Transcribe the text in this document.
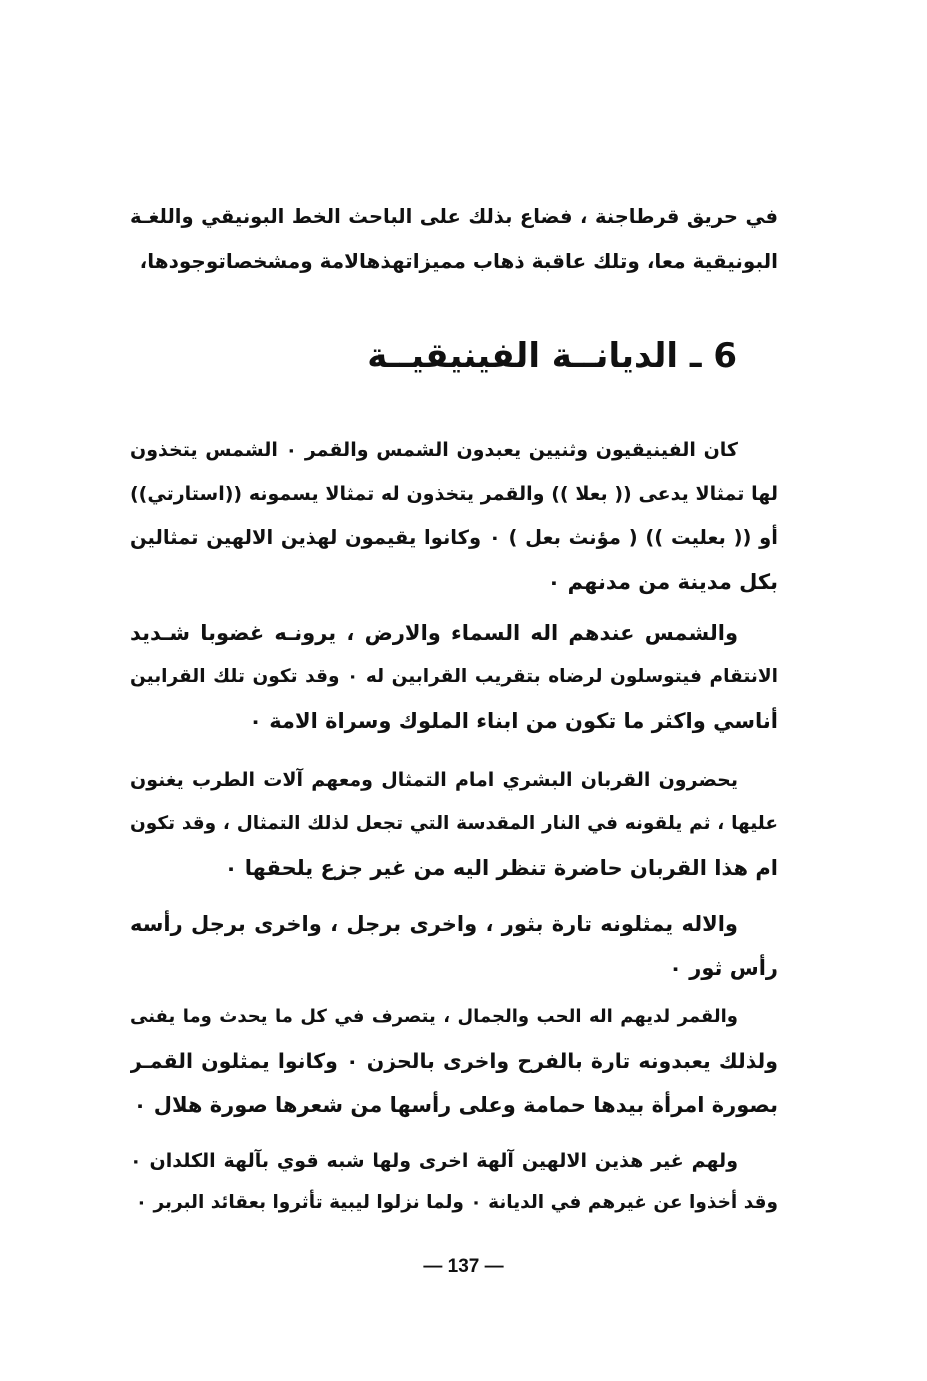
في حريق قرطاجنة ، فضاع بذلك على الباحث الخط البونيقي واللغـة
البونيقية معا، وتلك عاقبة ذهاب مميزاتهذهالامة ومشخصاتوجودها،
6 ـ الديانــة الفينيقيــة
كان الفينيقيون وثنيين يعبدون الشمس والقمر ٠ الشمس يتخذون
لها تمثالا يدعى (( بعلا )) والقمر يتخذون له تمثالا يسمونه ((استارتي))
أو (( بعليت )) ( مؤنث بعل ) ٠ وكانوا يقيمون لهذين الالهين تمثالين
بكل مدينة من مدنهم ٠
والشمس عندهم اله السماء والارض ، يرونـه غضوبا شـديد
الانتقام فيتوسلون لرضاه بتقريب القرابين له ٠ وقد تكون تلك القرابين
أناسي واكثر ما تكون من ابناء الملوك وسراة الامة ٠
يحضرون القربان البشري امام التمثال ومعهم آلات الطرب يغنون
عليها ، ثم يلقونه في النار المقدسة التي تجعل لذلك التمثال ، وقد تكون
ام هذا القربان حاضرة تنظر اليه من غير جزع يلحقها ٠
والاله يمثلونه تارة بثور ، واخرى برجل ، واخرى برجل رأسه
رأس ثور ٠
والقمر لديهم اله الحب والجمال ، يتصرف في كل ما يحدث وما يفنى
ولذلك يعبدونه تارة بالفرح واخرى بالحزن ٠ وكانوا يمثلون القمـر
بصورة امرأة بيدها حمامة وعلى رأسها من شعرها صورة هلال ٠
ولهم غير هذين الالهين آلهة اخرى ولها شبه قوي بآلهة الكلدان ٠
وقد أخذوا عن غيرهم في الديانة ٠ ولما نزلوا ليبية تأثروا بعقائد البربر ٠
— 137 —
